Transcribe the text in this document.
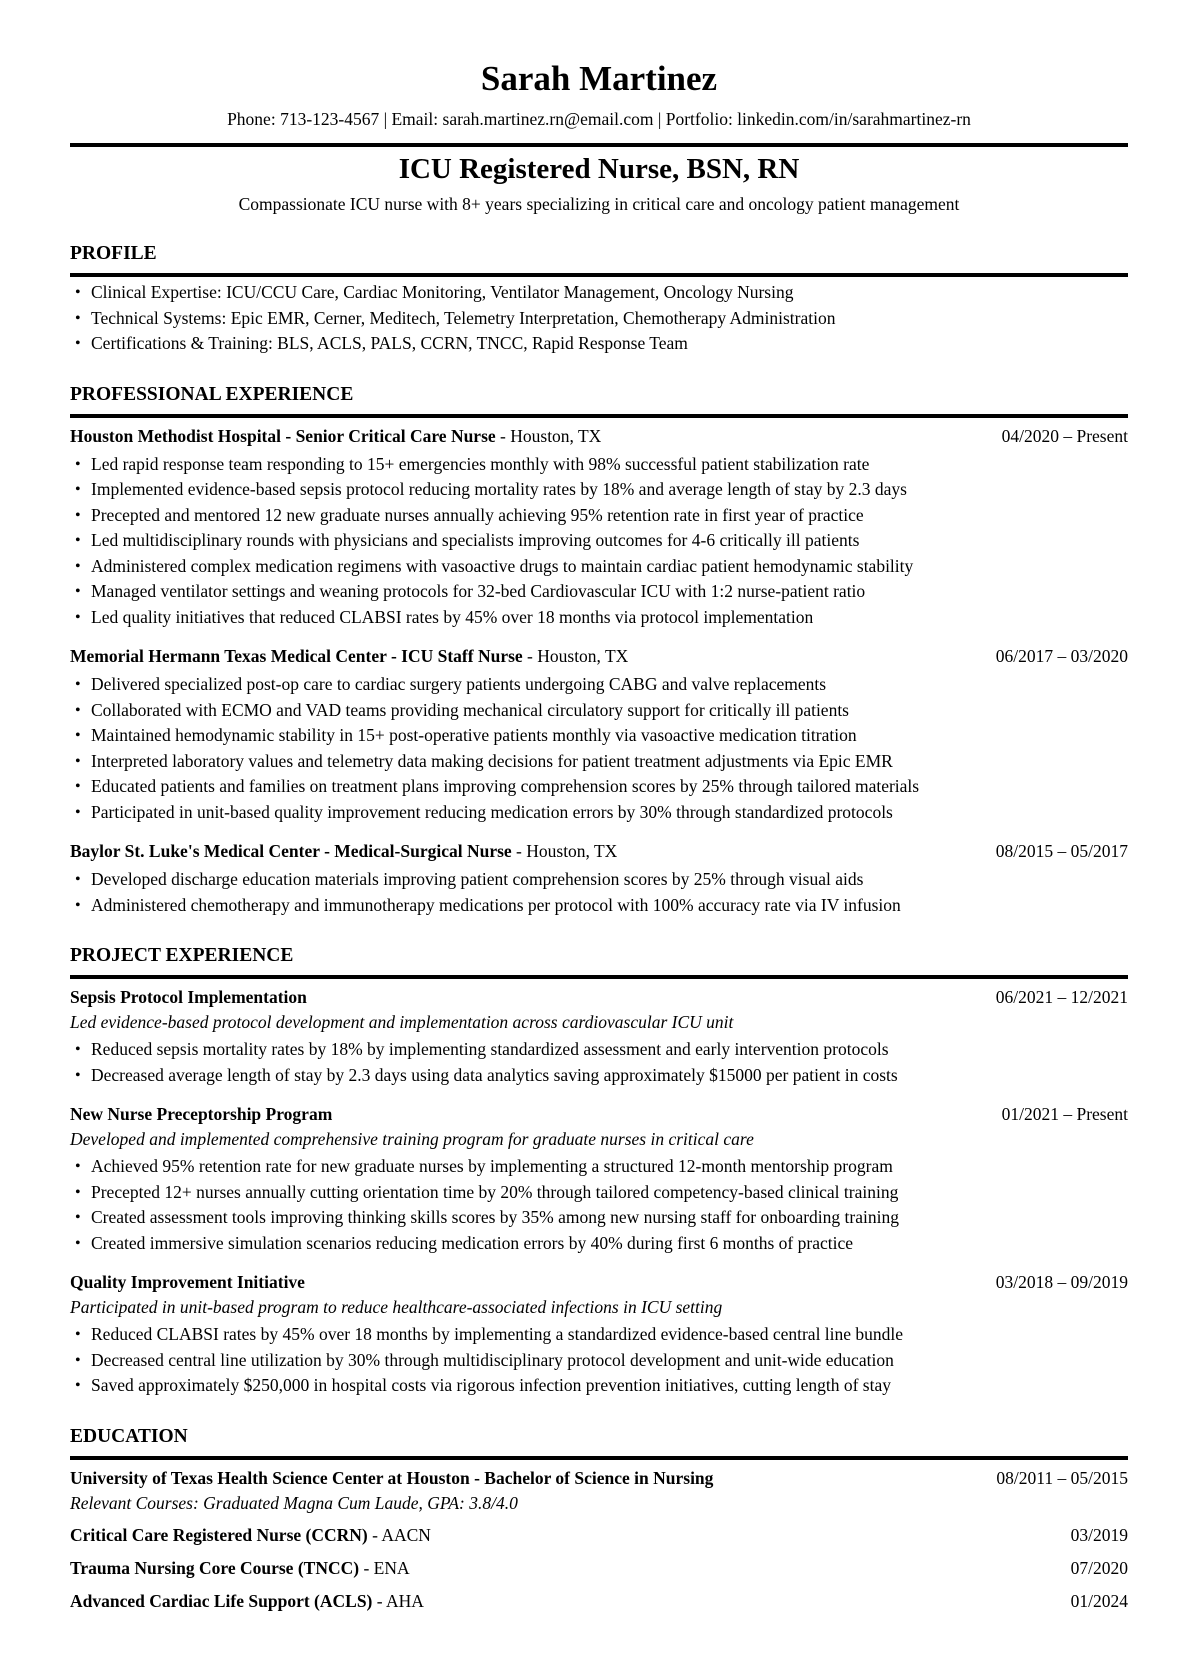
Sarah Martinez
Phone: 713-123-4567 | Email: sarah.martinez.rn@email.com | Portfolio: linkedin.com/in/sarahmartinez-rn
ICU Registered Nurse, BSN, RN
Compassionate ICU nurse with 8+ years specializing in critical care and oncology patient management
PROFILE
• Clinical Expertise: ICU/CCU Care, Cardiac Monitoring, Ventilator Management, Oncology Nursing
• Technical Systems: Epic EMR, Cerner, Meditech, Telemetry Interpretation, Chemotherapy Administration
• Certifications & Training: BLS, ACLS, PALS, CCRN, TNCC, Rapid Response Team
PROFESSIONAL EXPERIENCE
Houston Methodist Hospital - Senior Critical Care Nurse - Houston, TX	04/2020 – Present
• Led rapid response team responding to 15+ emergencies monthly with 98% successful patient stabilization rate
• Implemented evidence-based sepsis protocol reducing mortality rates by 18% and average length of stay by 2.3 days
• Precepted and mentored 12 new graduate nurses annually achieving 95% retention rate in first year of practice
• Led multidisciplinary rounds with physicians and specialists improving outcomes for 4-6 critically ill patients
• Administered complex medication regimens with vasoactive drugs to maintain cardiac patient hemodynamic stability
• Managed ventilator settings and weaning protocols for 32-bed Cardiovascular ICU with 1:2 nurse-patient ratio
• Led quality initiatives that reduced CLABSI rates by 45% over 18 months via protocol implementation
Memorial Hermann Texas Medical Center - ICU Staff Nurse - Houston, TX	06/2017 – 03/2020
• Delivered specialized post-op care to cardiac surgery patients undergoing CABG and valve replacements
• Collaborated with ECMO and VAD teams providing mechanical circulatory support for critically ill patients
• Maintained hemodynamic stability in 15+ post-operative patients monthly via vasoactive medication titration
• Interpreted laboratory values and telemetry data making decisions for patient treatment adjustments via Epic EMR
• Educated patients and families on treatment plans improving comprehension scores by 25% through tailored materials
• Participated in unit-based quality improvement reducing medication errors by 30% through standardized protocols
Baylor St. Luke's Medical Center - Medical-Surgical Nurse - Houston, TX	08/2015 – 05/2017
• Developed discharge education materials improving patient comprehension scores by 25% through visual aids
• Administered chemotherapy and immunotherapy medications per protocol with 100% accuracy rate via IV infusion
PROJECT EXPERIENCE
Sepsis Protocol Implementation	06/2021 – 12/2021
Led evidence-based protocol development and implementation across cardiovascular ICU unit
• Reduced sepsis mortality rates by 18% by implementing standardized assessment and early intervention protocols
• Decreased average length of stay by 2.3 days using data analytics saving approximately $15000 per patient in costs
New Nurse Preceptorship Program	01/2021 – Present
Developed and implemented comprehensive training program for graduate nurses in critical care
• Achieved 95% retention rate for new graduate nurses by implementing a structured 12-month mentorship program
• Precepted 12+ nurses annually cutting orientation time by 20% through tailored competency-based clinical training
• Created assessment tools improving thinking skills scores by 35% among new nursing staff for onboarding training
• Created immersive simulation scenarios reducing medication errors by 40% during first 6 months of practice
Quality Improvement Initiative	03/2018 – 09/2019
Participated in unit-based program to reduce healthcare-associated infections in ICU setting
• Reduced CLABSI rates by 45% over 18 months by implementing a standardized evidence-based central line bundle
• Decreased central line utilization by 30% through multidisciplinary protocol development and unit-wide education
• Saved approximately $250,000 in hospital costs via rigorous infection prevention initiatives, cutting length of stay
EDUCATION
University of Texas Health Science Center at Houston - Bachelor of Science in Nursing	08/2011 – 05/2015
Relevant Courses: Graduated Magna Cum Laude, GPA: 3.8/4.0
Critical Care Registered Nurse (CCRN) - AACN	03/2019
Trauma Nursing Core Course (TNCC) - ENA	07/2020
Advanced Cardiac Life Support (ACLS) - AHA	01/2024
